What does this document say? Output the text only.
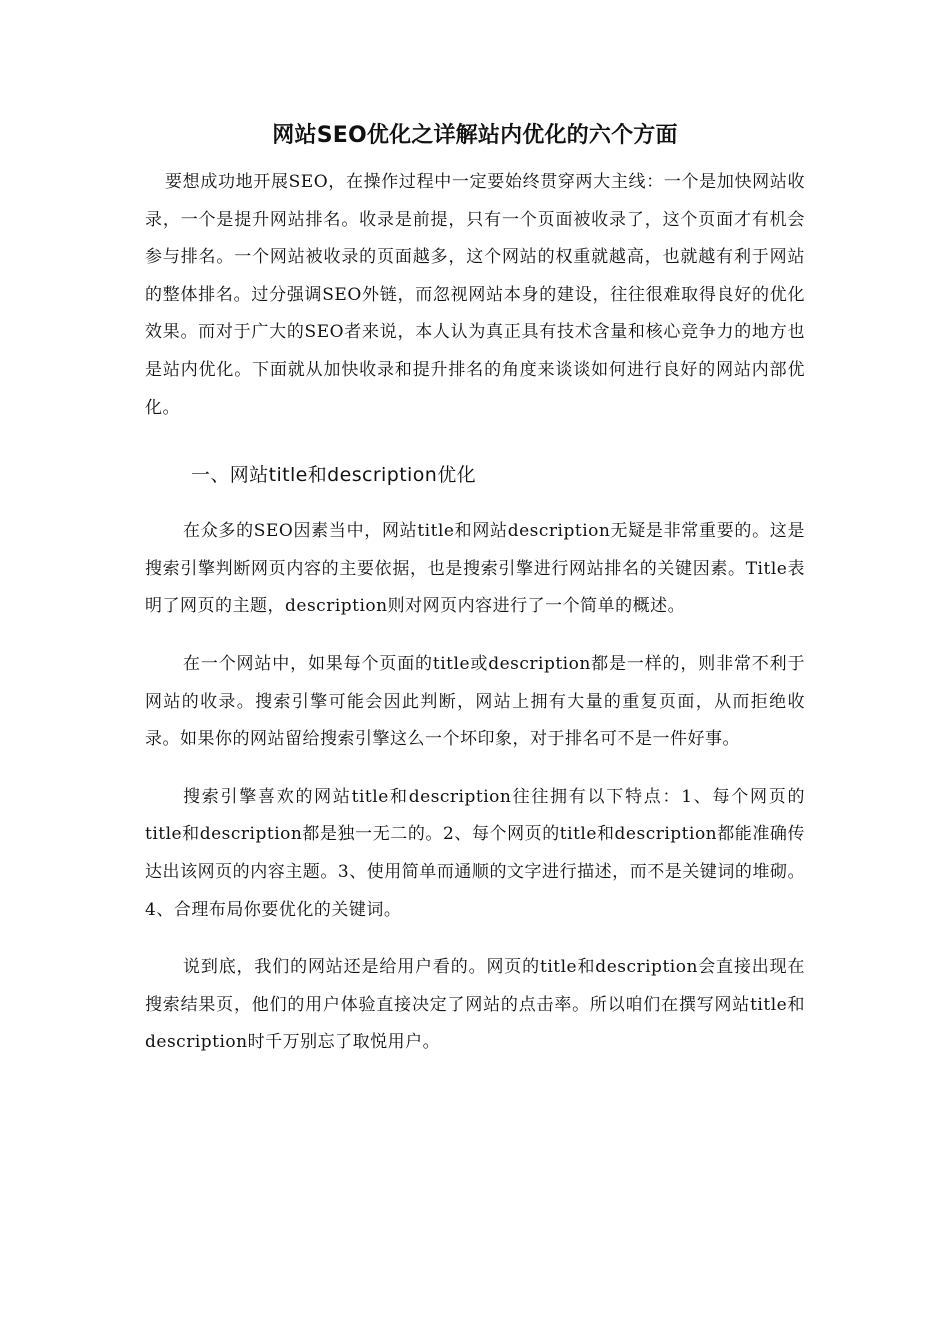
网站SEO优化之详解站内优化的六个方面

要想成功地开展SEO，在操作过程中一定要始终贯穿两大主线：一个是加快网站收录，一个是提升网站排名。收录是前提，只有一个页面被收录了，这个页面才有机会参与排名。一个网站被收录的页面越多，这个网站的权重就越高，也就越有利于网站的整体排名。过分强调SEO外链，而忽视网站本身的建设，往往很难取得良好的优化效果。而对于广大的SEO者来说，本人认为真正具有技术含量和核心竞争力的地方也是站内优化。下面就从加快收录和提升排名的角度来谈谈如何进行良好的网站内部优化。

一、网站title和description优化

在众多的SEO因素当中，网站title和网站description无疑是非常重要的。这是搜索引擎判断网页内容的主要依据，也是搜索引擎进行网站排名的关键因素。Title表明了网页的主题，description则对网页内容进行了一个简单的概述。

在一个网站中，如果每个页面的title或description都是一样的，则非常不利于网站的收录。搜索引擎可能会因此判断，网站上拥有大量的重复页面，从而拒绝收录。如果你的网站留给搜索引擎这么一个坏印象，对于排名可不是一件好事。

搜索引擎喜欢的网站title和description往往拥有以下特点：1、每个网页的title和description都是独一无二的。2、每个网页的title和description都能准确传达出该网页的内容主题。3、使用简单而通顺的文字进行描述，而不是关键词的堆砌。4、合理布局你要优化的关键词。

说到底，我们的网站还是给用户看的。网页的title和description会直接出现在搜索结果页，他们的用户体验直接决定了网站的点击率。所以咱们在撰写网站title和description时千万别忘了取悦用户。
